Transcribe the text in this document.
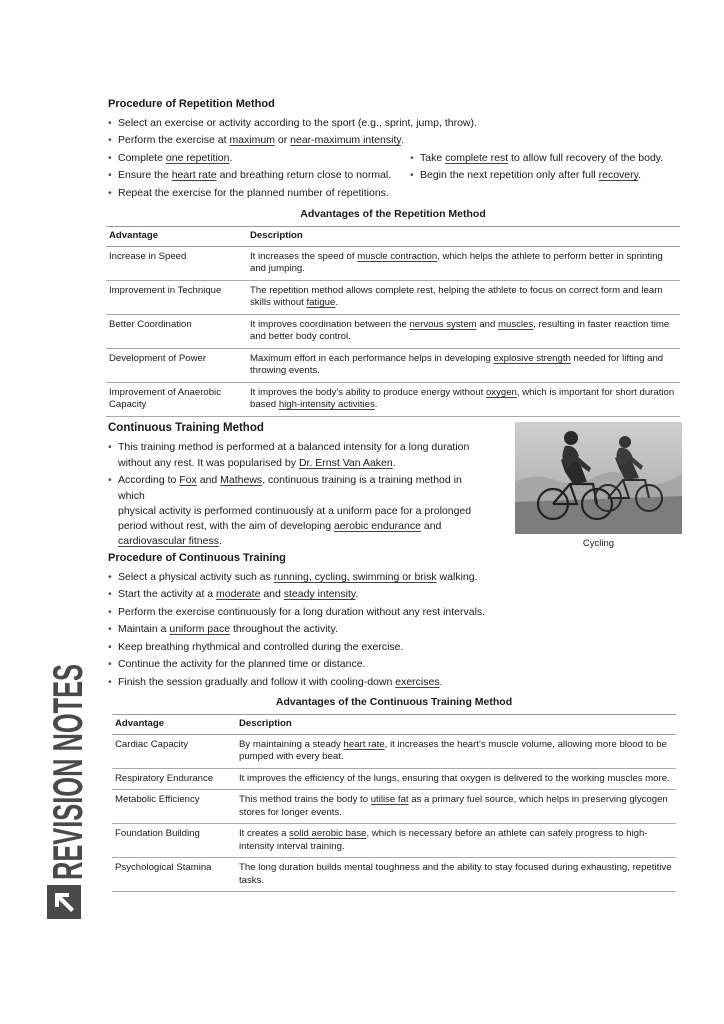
Procedure of Repetition Method
• Select an exercise or activity according to the sport (e.g., sprint, jump, throw).
• Perform the exercise at maximum or near-maximum intensity.
• Complete one repetition.	• Take complete rest to allow full recovery of the body.
• Ensure the heart rate and breathing return close to normal. • Begin the next repetition only after full recovery.
• Repeat the exercise for the planned number of repetitions.
Advantages of the Repetition Method
Advantage	Description
Increase in Speed	It increases the speed of muscle contraction, which helps the athlete to perform better in sprinting and jumping.
Improvement in Technique	The repetition method allows complete rest, helping the athlete to focus on correct form and learn skills without fatigue.
Better Coordination	It improves coordination between the nervous system and muscles, resulting in faster reaction time and better body control.
Development of Power	Maximum effort in each performance helps in developing explosive strength needed for lifting and throwing events.
Improvement of Anaerobic Capacity	It improves the body's ability to produce energy without oxygen, which is important for short duration based high-intensity activities.
Continuous Training Method
• This training method is performed at a balanced intensity for a long duration
without any rest. It was popularised by Dr. Ernst Van Aaken.
• According to Fox and Mathews, continuous training is a training method in
which
physical activity is performed continuously at a uniform pace for a prolonged
period without rest, with the aim of developing aerobic endurance and
cardiovascular fitness.	Cycling
Procedure of Continuous Training
• Select a physical activity such as running, cycling, swimming or brisk walking.
• Start the activity at a moderate and steady intensity.
• Perform the exercise continuously for a long duration without any rest intervals.
• Maintain a uniform pace throughout the activity.
• Keep breathing rhythmical and controlled during the exercise.
• Continue the activity for the planned time or distance.
• Finish the session gradually and follow it with cooling-down exercises.
Advantages of the Continuous Training Method
Advantage	Description
Cardiac Capacity	By maintaining a steady heart rate, it increases the heart's muscle volume, allowing more blood to be pumped with every beat.
Respiratory Endurance	It improves the efficiency of the lungs, ensuring that oxygen is delivered to the working muscles more.
Metabolic Efficiency	This method trains the body to utilise fat as a primary fuel source, which helps in preserving glycogen stores for longer events.
Foundation Building	It creates a solid aerobic base, which is necessary before an athlete can safely progress to high-intensity interval training.
Psychological Stamina	The long duration builds mental toughness and the ability to stay focused during exhausting, repetitive tasks.
REVISION NOTES
